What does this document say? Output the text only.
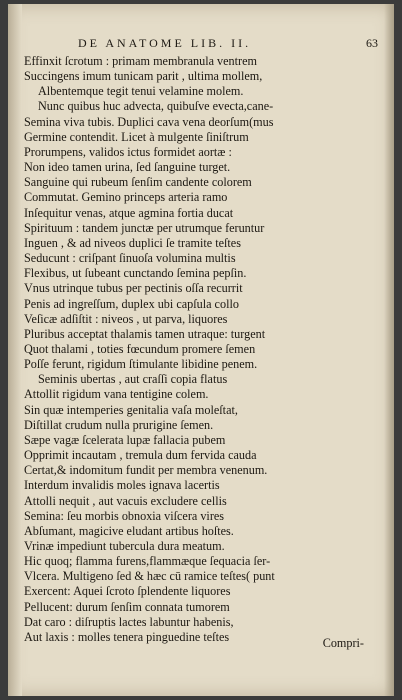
DE ANATOME LIB. II.	63
Effinxit ſcrotum : primam membranula ventrem
Succingens imum tunicam parit , ultima mollem,
Albentemque tegit tenui velamine molem.
Nunc quibus huc advecta, quibuſve evecta,cane-
Semina viva tubis. Duplici cava vena deorſum(mus
Germine contendit. Licet à mulgente ſiniſtrum
Prorumpens, validos ictus formidet aortæ :
Non ideo tamen urina, ſed ſanguine turget.
Sanguine qui rubeum ſenſim candente colorem
Commutat. Gemino princeps arteria ramo
Inſequitur venas, atque agmina fortia ducat
Spirituum : tandem junctæ per utrumque feruntur
Inguen , & ad niveos duplici ſe tramite teſtes
Seducunt : criſpant ſinuoſa volumina multis
Flexibus, ut ſubeant cunctando ſemina pepſin.
Vnus utrinque tubus per pectinis oſſa recurrit
Penis ad ingreſſum, duplex ubi capſula collo
Veſicæ adſiſtit : niveos , ut parva, liquores
Pluribus acceptat thalamis tamen utraque: turgent
Quot thalami , toties fœcundum promere ſemen
Poſſe ferunt, rigidum ſtimulante libidine penem.
Seminis ubertas , aut craſſi copia flatus
Attollit rigidum vana tentigine colem.
Sin quæ intemperies genitalia vaſa moleſtat,
Diſtillat crudum nulla prurigine ſemen.
Sæpe vagæ ſcelerata lupæ fallacia pubem
Opprimit incautam , tremula dum fervida cauda
Certat,& indomitum fundit per membra venenum.
Interdum invalidis moles ignava lacertis
Attolli nequit , aut vacuis excludere cellis
Semina: ſeu morbis obnoxia viſcera vires
Abſumant, magicive eludant artibus hoſtes.
Vrinæ impediunt tubercula dura meatum.
Hic quoq; flamma furens,flammæque ſequacia ſer-
Vlcera. Multigeno ſed & hæc cū ramice teſtes( punt
Exercent: Aquei ſcroto ſplendente liquores
Pellucent: durum ſenſim connata tumorem
Dat caro : diſruptis lactes labuntur habenis,
Aut laxis : molles tenera pinguedine teſtes	Compri-
